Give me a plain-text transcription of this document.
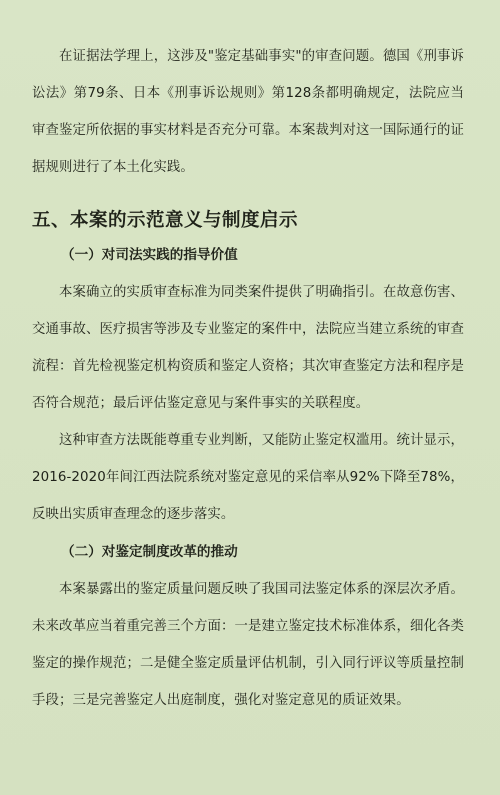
在证据法学理上，这涉及"鉴定基础事实"的审查问题。德国《刑事诉讼法》第79条、日本《刑事诉讼规则》第128条都明确规定，法院应当审查鉴定所依据的事实材料是否充分可靠。本案裁判对这一国际通行的证据规则进行了本土化实践。

五、本案的示范意义与制度启示
（一）对司法实践的指导价值

本案确立的实质审查标准为同类案件提供了明确指引。在故意伤害、交通事故、医疗损害等涉及专业鉴定的案件中，法院应当建立系统的审查流程：首先检视鉴定机构资质和鉴定人资格；其次审查鉴定方法和程序是否符合规范；最后评估鉴定意见与案件事实的关联程度。

这种审查方法既能尊重专业判断，又能防止鉴定权滥用。统计显示，2016-2020年间江西法院系统对鉴定意见的采信率从92%下降至78%，反映出实质审查理念的逐步落实。

（二）对鉴定制度改革的推动

本案暴露出的鉴定质量问题反映了我国司法鉴定体系的深层次矛盾。未来改革应当着重完善三个方面：一是建立鉴定技术标准体系，细化各类鉴定的操作规范；二是健全鉴定质量评估机制，引入同行评议等质量控制手段；三是完善鉴定人出庭制度，强化对鉴定意见的质证效果。
